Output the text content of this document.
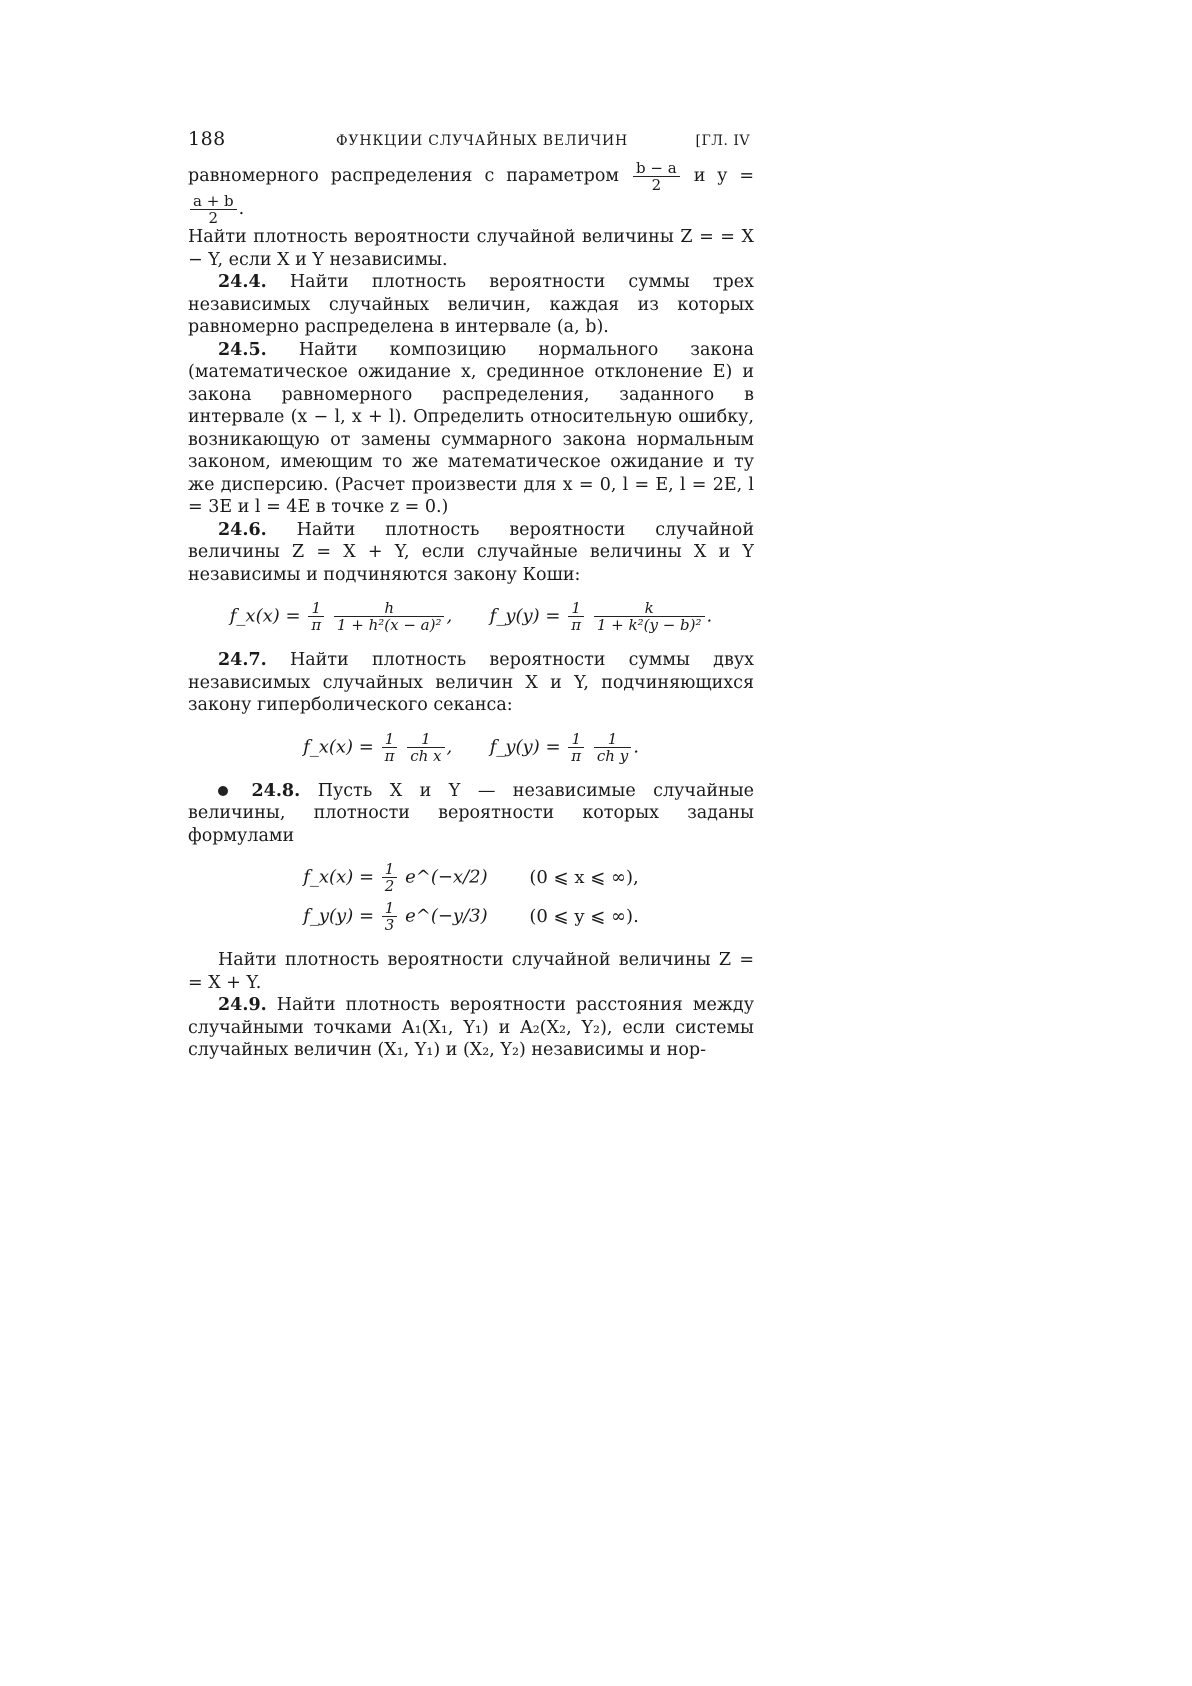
188	ФУНКЦИИ СЛУЧАЙНЫХ ВЕЛИЧИН	[ГЛ. IV

равномерного распределения с параметром $\frac{b - a}{2}$ и y =
$\frac{a + b}{2}$ .

Найти плотность вероятности случайной величины Z = = X − Y, если X и Y независимы.

24.4. Найти плотность вероятности суммы трех независимых случайных величин, каждая из которых равномерно распределена в интервале (a, b).

24.5. Найти композицию нормального закона (математическое ожидание x, срединное отклонение E) и закона равномерного распределения, заданного в интервале (x − l, x + l). Определить относительную ошибку, возникающую от замены суммарного закона нормальным законом, имеющим то же математическое ожидание и ту же дисперсию. (Расчет произвести для x = 0, l = E, l = 2E, l = 3E и l = 4E в точке z = 0.)

24.6. Найти плотность вероятности случайной величины Z = X + Y, если случайные величины X и Y независимы и подчиняются закону Коши:

f_x(x) = $\frac{1}{\pi}$
$\frac{h}{\text{1 + h²(x − a)²}}$ ,  f_y(y) = $\frac{1}{\pi}$
$\frac{k}{\text{1 + k²(y − b)²}}$ .

24.7. Найти плотность вероятности суммы двух независимых случайных величин X и Y, подчиняющихся закону гиперболического секанса:

f_x(x) = $\frac{1}{\pi}$
$\frac{1}{\text{ch x}}$ ,  f_y(y) = $\frac{1}{\pi}$
$\frac{1}{\text{ch y}}$ .

24.8. Пусть X и Y — независимые случайные величины, плотности вероятности которых заданы формулами

f_x(x) = $\frac{1}{2}$ e^(−x/2) (0 ⩽ x ⩽ ∞),
f_y(y) = $\frac{1}{3}$ e^(−y/3) (0 ⩽ y ⩽ ∞).

Найти плотность вероятности случайной величины Z = = X + Y.

24.9. Найти плотность вероятности расстояния между случайными точками A₁(X₁, Y₁) и A₂(X₂, Y₂), если системы случайных величин (X₁, Y₁) и (X₂, Y₂) независимы и нор-
